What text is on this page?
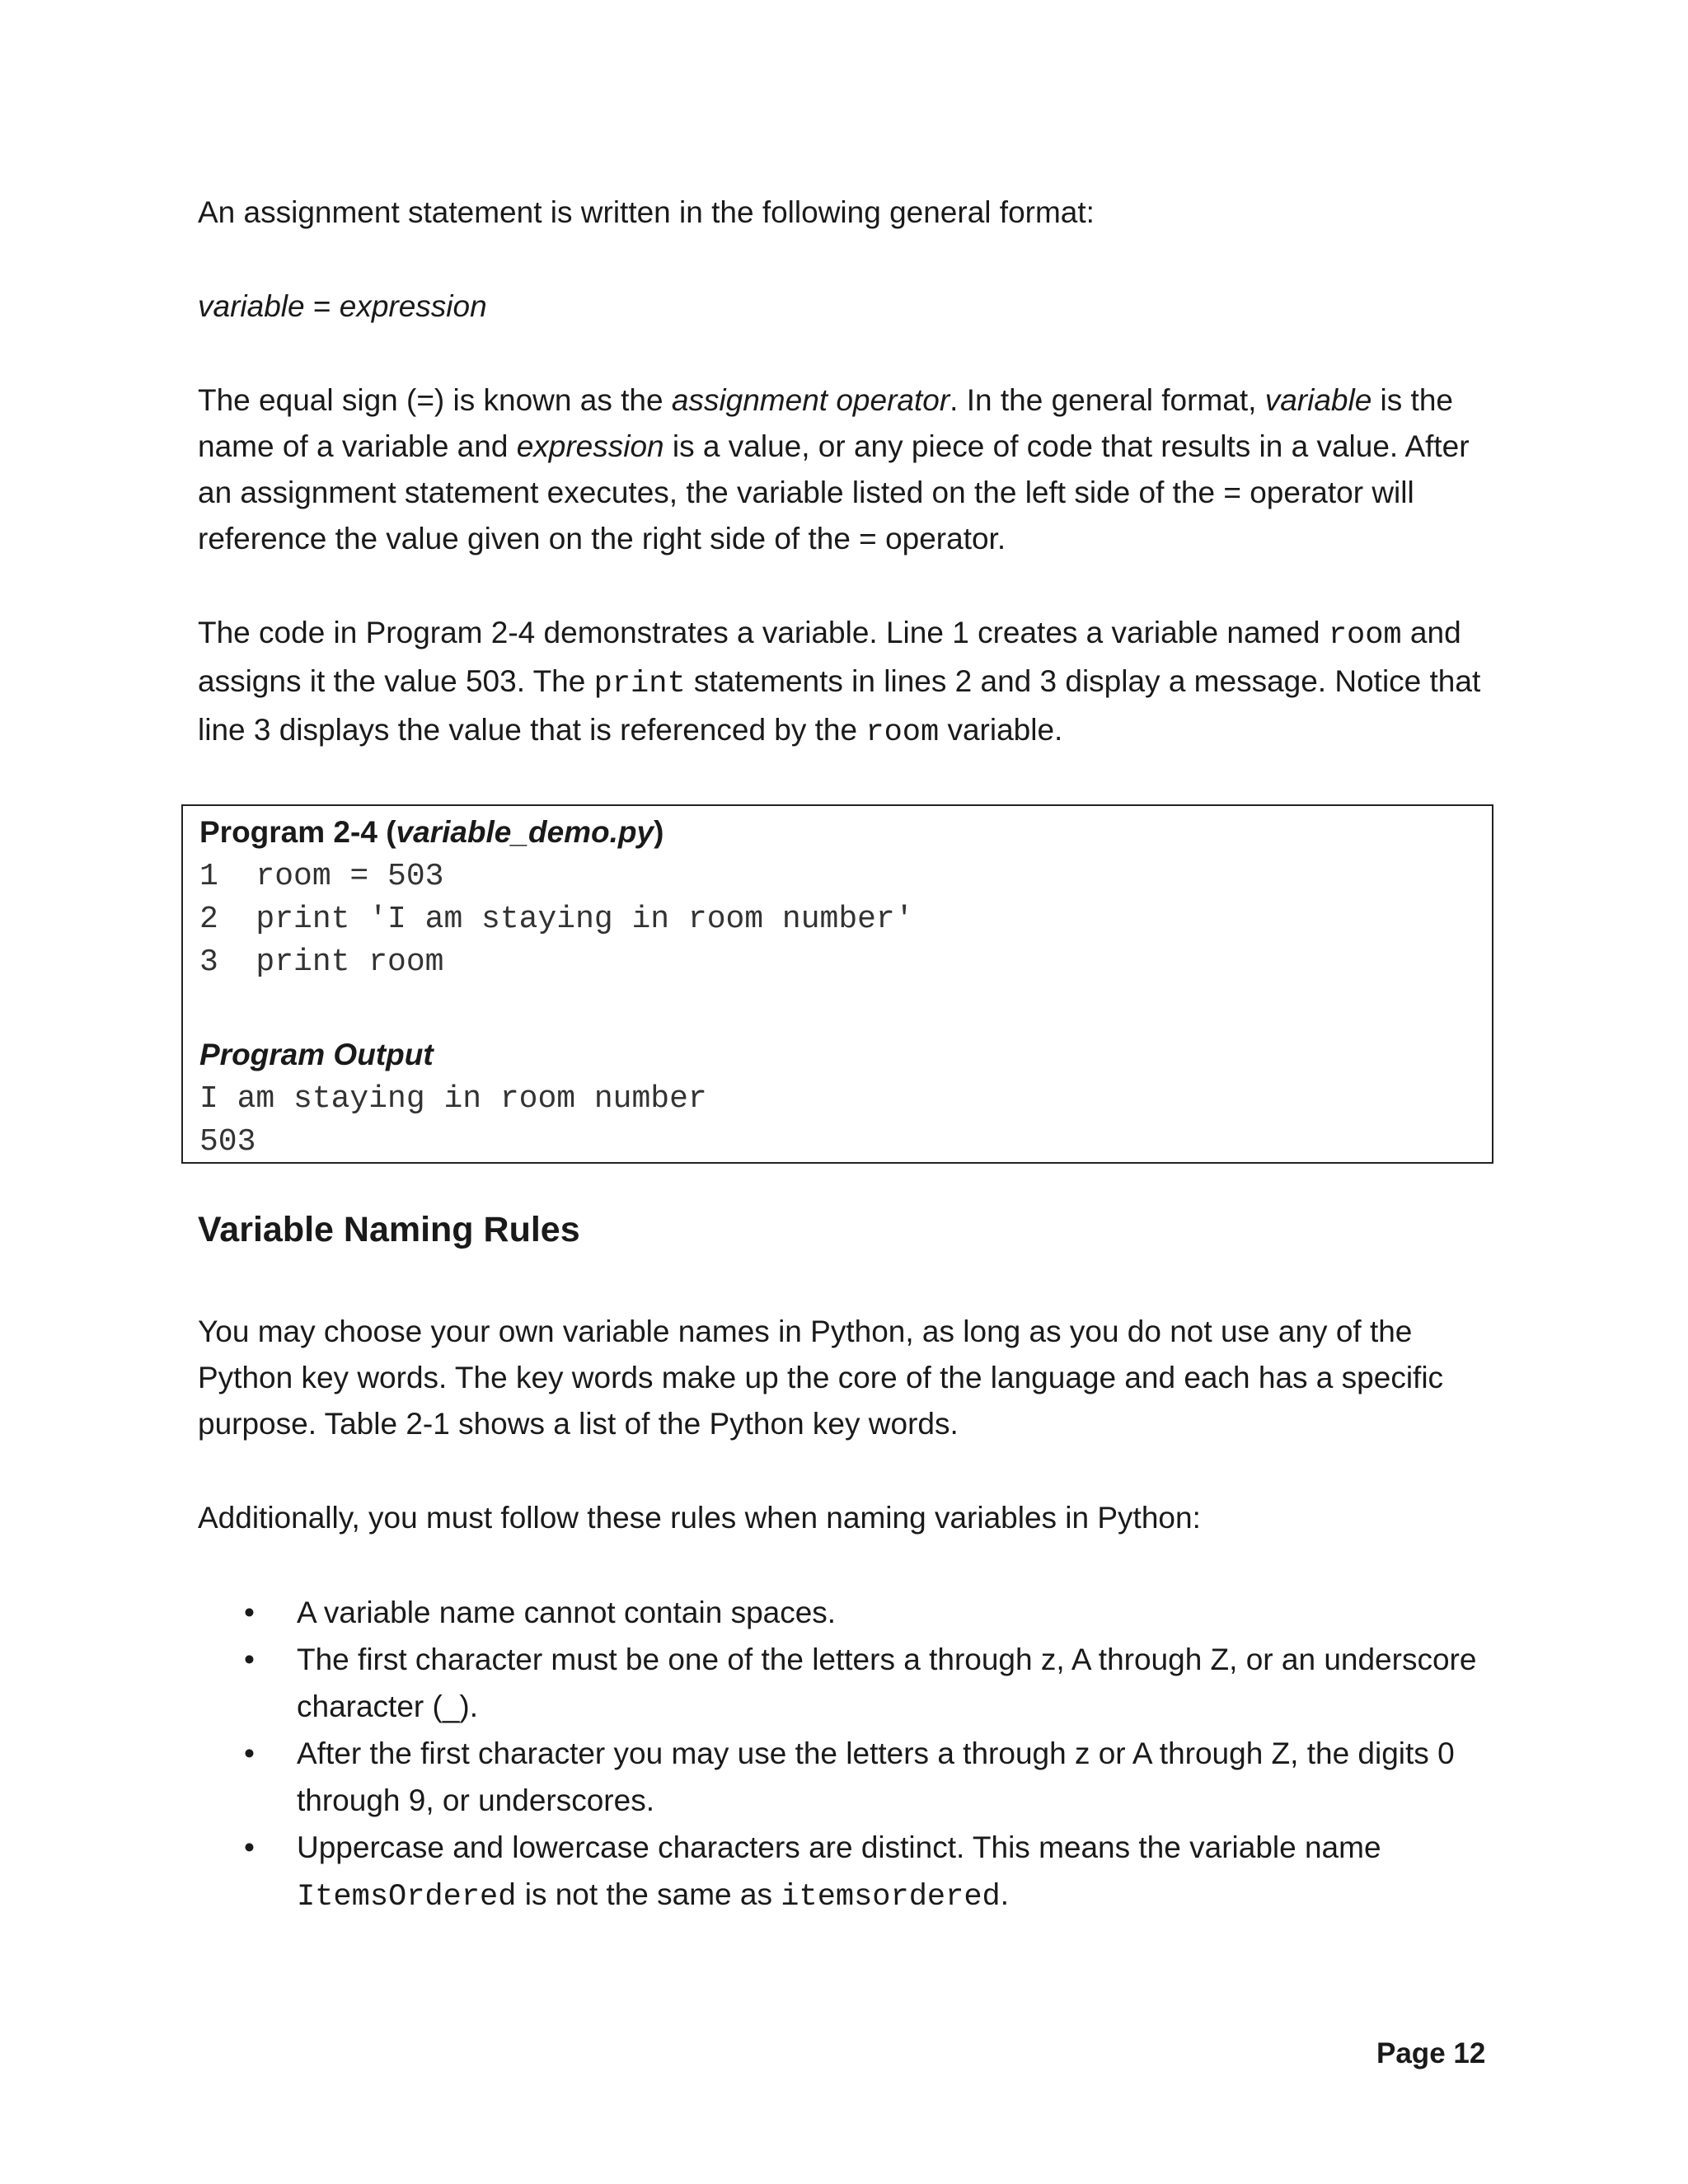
An assignment statement is written in the following general format:

variable = expression

The equal sign (=) is known as the assignment operator. In the general format, variable is the name of a variable and expression is a value, or any piece of code that results in a value. After an assignment statement executes, the variable listed on the left side of the = operator will reference the value given on the right side of the = operator.

The code in Program 2-4 demonstrates a variable. Line 1 creates a variable named room and assigns it the value 503. The print statements in lines 2 and 3 display a message. Notice that line 3 displays the value that is referenced by the room variable.

Program 2-4 (variable_demo.py)

1  room = 503

2  print 'I am staying in room number'

3  print room

Program Output

I am staying in room number

503

Variable Naming Rules

You may choose your own variable names in Python, as long as you do not use any of the Python key words. The key words make up the core of the language and each has a specific purpose. Table 2-1 shows a list of the Python key words.

Additionally, you must follow these rules when naming variables in Python:

• A variable name cannot contain spaces.
• The first character must be one of the letters a through z, A through Z, or an underscore character (_).
• After the first character you may use the letters a through z or A through Z, the digits 0 through 9, or underscores.
• Uppercase and lowercase characters are distinct. This means the variable name ItemsOrdered is not the same as itemsordered.

Page 12
